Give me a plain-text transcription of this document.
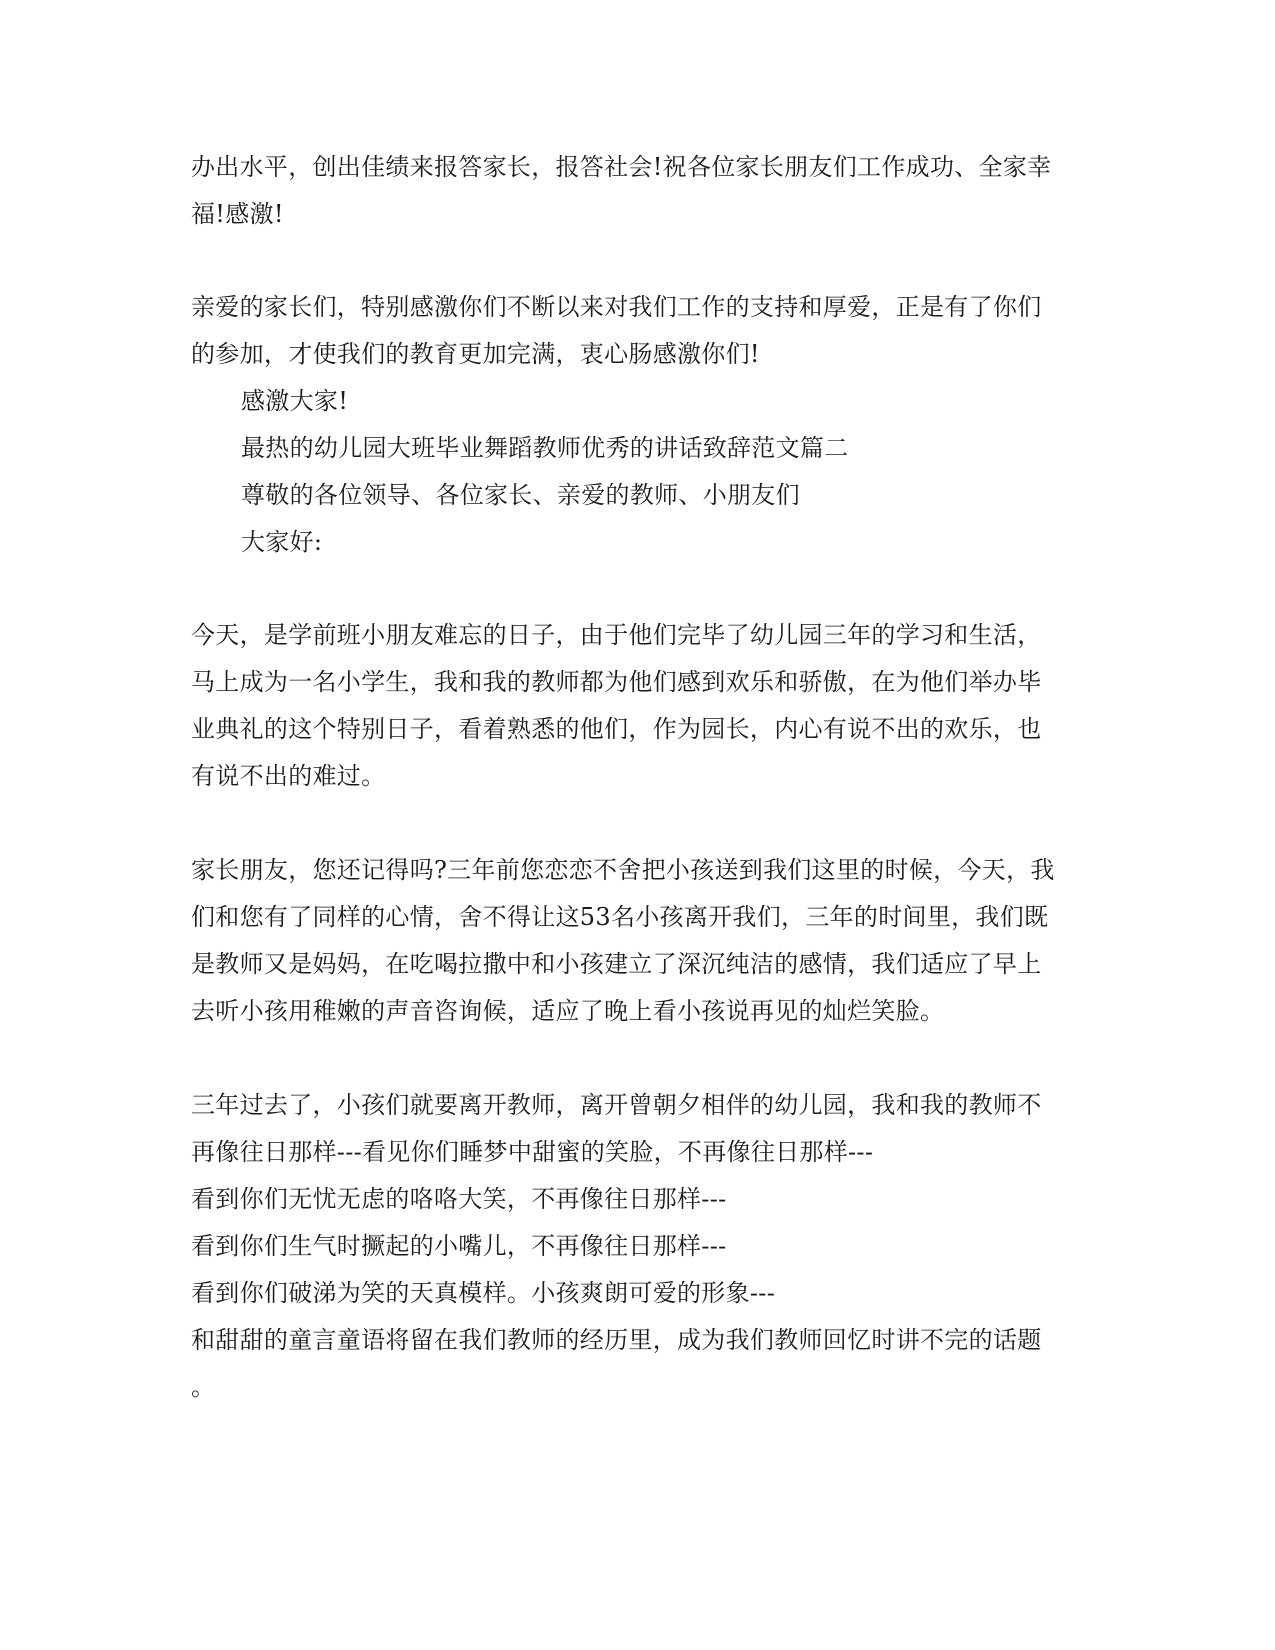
办出水平，创出佳绩来报答家长，报答社会!祝各位家长朋友们工作成功、全家幸
福!感激!
亲爱的家长们，特别感激你们不断以来对我们工作的支持和厚爱，正是有了你们
的参加，才使我们的教育更加完满，衷心肠感激你们!
感激大家!
最热的幼儿园大班毕业舞蹈教师优秀的讲话致辞范文篇二
尊敬的各位领导、各位家长、亲爱的教师、小朋友们
大家好:
今天，是学前班小朋友难忘的日子，由于他们完毕了幼儿园三年的学习和生活，
马上成为一名小学生，我和我的教师都为他们感到欢乐和骄傲，在为他们举办毕
业典礼的这个特别日子，看着熟悉的他们，作为园长，内心有说不出的欢乐，也
有说不出的难过。
家长朋友，您还记得吗?三年前您恋恋不舍把小孩送到我们这里的时候，今天，我
们和您有了同样的心情，舍不得让这53名小孩离开我们，三年的时间里，我们既
是教师又是妈妈，在吃喝拉撒中和小孩建立了深沉纯洁的感情，我们适应了早上
去听小孩用稚嫩的声音咨询候，适应了晚上看小孩说再见的灿烂笑脸。
三年过去了，小孩们就要离开教师，离开曾朝夕相伴的幼儿园，我和我的教师不
再像往日那样---看见你们睡梦中甜蜜的笑脸，不再像往日那样---
看到你们无忧无虑的咯咯大笑，不再像往日那样---
看到你们生气时撅起的小嘴儿，不再像往日那样---
看到你们破涕为笑的天真模样。小孩爽朗可爱的形象---
和甜甜的童言童语将留在我们教师的经历里，成为我们教师回忆时讲不完的话题
。
